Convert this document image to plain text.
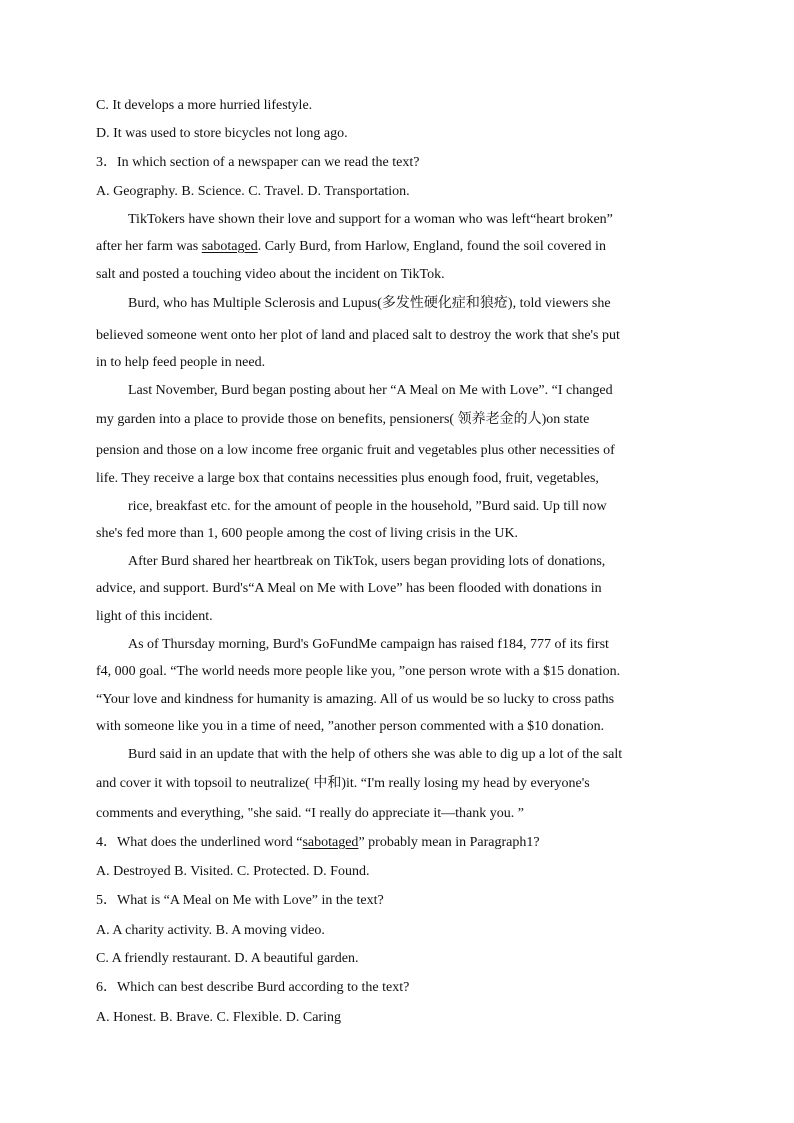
C. It develops a more hurried lifestyle.
D. It was used to store bicycles not long ago.
3．In which section of a newspaper can we read the text?
A. Geography. B. Science. C. Travel. D. Transportation.
TikTokers have shown their love and support for a woman who was left“heart broken”
after her farm was sabotaged. Carly Burd, from Harlow, England, found the soil covered in
salt and posted a touching video about the incident on TikTok.
Burd, who has Multiple Sclerosis and Lupus(多发性硬化症和狼疮), told viewers she
believed someone went onto her plot of land and placed salt to destroy the work that she's put
in to help feed people in need.
Last November, Burd began posting about her “A Meal on Me with Love”. “I changed
my garden into a place to provide those on benefits, pensioners( 领养老金的人)on state
pension and those on a low income free organic fruit and vegetables plus other necessities of
life. They receive a large box that contains necessities plus enough food, fruit, vegetables,
rice, breakfast etc. for the amount of people in the household, ”Burd said. Up till now
she's fed more than 1, 600 people among the cost of living crisis in the UK.
After Burd shared her heartbreak on TikTok, users began providing lots of donations,
advice, and support. Burd's“A Meal on Me with Love” has been flooded with donations in
light of this incident.
As of Thursday morning, Burd's GoFundMe campaign has raised f184, 777 of its first
f4, 000 goal. “The world needs more people like you, ”one person wrote with a $15 donation.
“Your love and kindness for humanity is amazing. All of us would be so lucky to cross paths
with someone like you in a time of need, ”another person commented with a $10 donation.
Burd said in an update that with the help of others she was able to dig up a lot of the salt
and cover it with topsoil to neutralize( 中和)it. “I'm really losing my head by everyone's
comments and everything, "she said. “I really do appreciate it—thank you. ”
4．What does the underlined word “sabotaged” probably mean in Paragraph1?
A. Destroyed B. Visited. C. Protected. D. Found.
5．What is “A Meal on Me with Love” in the text?
A. A charity activity. B. A moving video.
C. A friendly restaurant. D. A beautiful garden.
6．Which can best describe Burd according to the text?
A. Honest. B. Brave. C. Flexible. D. Caring
